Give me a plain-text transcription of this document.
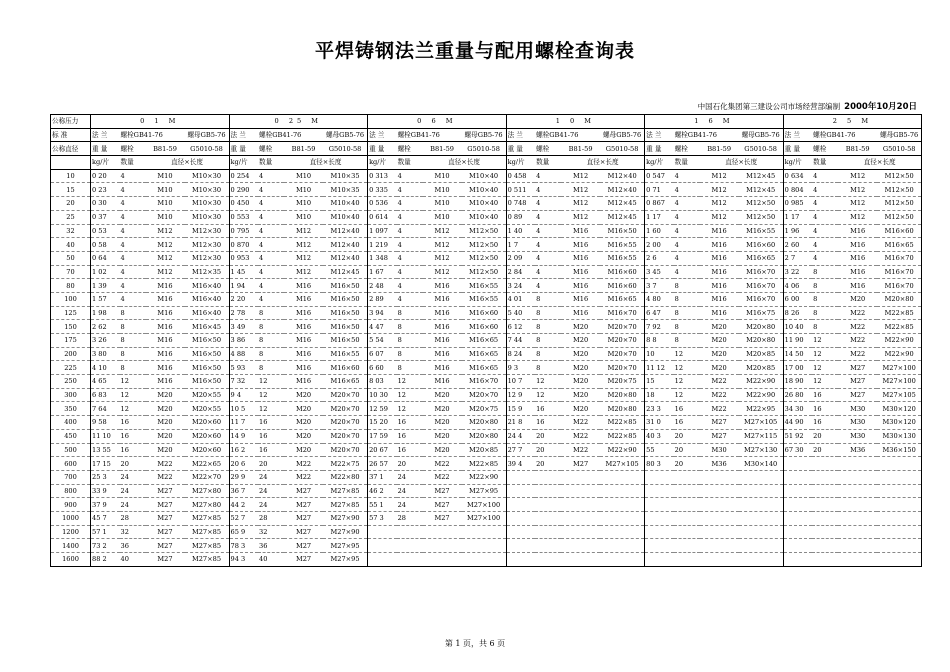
平焊铸钢法兰重量与配用螺栓查询表
中国石化集团第三建设公司市场经营部编制 2000年10月20日
公称压力	0 1 M				0 25 M				0 6 M				1 0 M				1 6 M				2 5 M			
标 准	法 兰	螺栓GB41-76		螺母GB5-76	法 兰	螺栓GB41-76		螺母GB5-76	法 兰	螺栓GB41-76		螺母GB5-76	法 兰	螺栓GB41-76		螺母GB5-76	法 兰	螺栓GB41-76		螺母GB5-76	法 兰	螺栓GB41-76		螺母GB5-76
公称直径	重 量	螺栓	B81-59	G5010-58	重 量	螺栓	B81-59	G5010-58	重 量	螺栓	B81-59	G5010-58	重 量	螺栓	B81-59	G5010-58	重 量	螺栓	B81-59	G5010-58	重 量	螺栓	B81-59	G5010-58
	kg/片	数量	直径×长度		kg/片	数量	直径×长度		kg/片	数量	直径×长度		kg/片	数量	直径×长度		kg/片	数量	直径×长度		kg/片	数量	直径×长度	
10	0 20	4	M10	M10×30	0 254	4	M10	M10×35	0 313	4	M10	M10×40	0 458	4	M12	M12×40	0 547	4	M12	M12×45	0 634	4	M12	M12×50
15	0 23	4	M10	M10×30	0 290	4	M10	M10×35	0 335	4	M10	M10×40	0 511	4	M12	M12×40	0 71	4	M12	M12×45	0 804	4	M12	M12×50
20	0 30	4	M10	M10×30	0 450	4	M10	M10×40	0 536	4	M10	M10×40	0 748	4	M12	M12×45	0 867	4	M12	M12×50	0 985	4	M12	M12×50
25	0 37	4	M10	M10×30	0 553	4	M10	M10×40	0 614	4	M10	M10×40	0 89	4	M12	M12×45	1 17	4	M12	M12×50	1 17	4	M12	M12×50
32	0 53	4	M12	M12×30	0 795	4	M12	M12×40	1 097	4	M12	M12×50	1 40	4	M16	M16×50	1 60	4	M16	M16×55	1 96	4	M16	M16×60
40	0 58	4	M12	M12×30	0 870	4	M12	M12×40	1 219	4	M12	M12×50	1 7	4	M16	M16×55	2 00	4	M16	M16×60	2 60	4	M16	M16×65
50	0 64	4	M12	M12×30	0 953	4	M12	M12×40	1 348	4	M12	M12×50	2 09	4	M16	M16×55	2 6	4	M16	M16×65	2 7	4	M16	M16×70
70	1 02	4	M12	M12×35	1 45	4	M12	M12×45	1 67	4	M12	M12×50	2 84	4	M16	M16×60	3 45	4	M16	M16×70	3 22	8	M16	M16×70
80	1 39	4	M16	M16×40	1 94	4	M16	M16×50	2 48	4	M16	M16×55	3 24	4	M16	M16×60	3 7	8	M16	M16×70	4 06	8	M16	M16×70
100	1 57	4	M16	M16×40	2 20	4	M16	M16×50	2 89	4	M16	M16×55	4 01	8	M16	M16×65	4 80	8	M16	M16×70	6 00	8	M20	M20×80
125	1 98	8	M16	M16×40	2 78	8	M16	M16×50	3 94	8	M16	M16×60	5 40	8	M16	M16×70	6 47	8	M16	M16×75	8 26	8	M22	M22×85
150	2 62	8	M16	M16×45	3 49	8	M16	M16×50	4 47	8	M16	M16×60	6 12	8	M20	M20×70	7 92	8	M20	M20×80	10 40	8	M22	M22×85
175	3 26	8	M16	M16×50	3 86	8	M16	M16×50	5 54	8	M16	M16×65	7 44	8	M20	M20×70	8 8	8	M20	M20×80	11 90	12	M22	M22×90
200	3 80	8	M16	M16×50	4 88	8	M16	M16×55	6 07	8	M16	M16×65	8 24	8	M20	M20×70	10	12	M20	M20×85	14 50	12	M22	M22×90
225	4 10	8	M16	M16×50	5 93	8	M16	M16×60	6 60	8	M16	M16×65	9 3	8	M20	M20×70	11 12	12	M20	M20×85	17 00	12	M27	M27×100
250	4 65	12	M16	M16×50	7 32	12	M16	M16×65	8 03	12	M16	M16×70	10 7	12	M20	M20×75	15	12	M22	M22×90	18 90	12	M27	M27×100
300	6 83	12	M20	M20×55	9 4	12	M20	M20×70	10 30	12	M20	M20×70	12 9	12	M20	M20×80	18	12	M22	M22×90	26 80	16	M27	M27×105
350	7 64	12	M20	M20×55	10 5	12	M20	M20×70	12 59	12	M20	M20×75	15 9	16	M20	M20×80	23 3	16	M22	M22×95	34 30	16	M30	M30×120
400	9 58	16	M20	M20×60	11 7	16	M20	M20×70	15 20	16	M20	M20×80	21 8	16	M22	M22×85	31 0	16	M27	M27×105	44 90	16	M30	M30×120
450	11 10	16	M20	M20×60	14 9	16	M20	M20×70	17 59	16	M20	M20×80	24 4	20	M22	M22×85	40 3	20	M27	M27×115	51 92	20	M30	M30×130
500	13 55	16	M20	M20×60	16 2	16	M20	M20×70	20 67	16	M20	M20×85	27 7	20	M22	M22×90	55	20	M30	M27×130	67 30	20	M36	M36×150
600	17 15	20	M22	M22×65	20 6	20	M22	M22×75	26 57	20	M22	M22×85	39 4	20	M27	M27×105	80 3	20	M36	M30×140				
700	25 3	24	M22	M22×70	29 9	24	M22	M22×80	37 1	24	M22	M22×90												
800	33 9	24	M27	M27×80	36 7	24	M27	M27×85	46 2	24	M27	M27×95												
900	37 9	24	M27	M27×80	44 2	24	M27	M27×85	55 1	24	M27	M27×100												
1000	45 7	28	M27	M27×85	52 7	28	M27	M27×90	57 3	28	M27	M27×100												
1200	57 1	32	M27	M27×85	65 9	32	M27	M27×90																
1400	73 2	36	M27	M27×85	78 3	36	M27	M27×95																
1600	88 2	40	M27	M27×85	94 3	40	M27	M27×95																
第 1 页，共 6 页
